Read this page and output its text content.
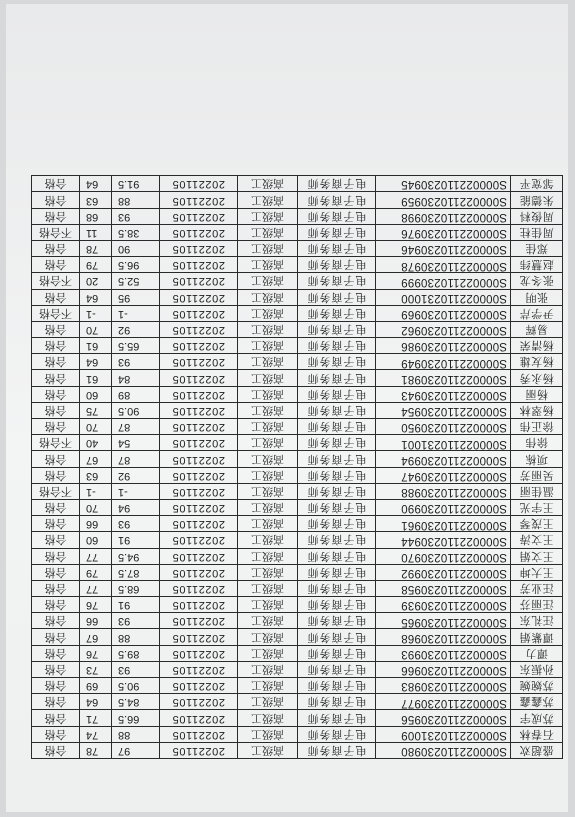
盛超欢	S000022110230980	电子商务师	高级工	20221105	97	78	合格
石春林	S000022110231009	电子商务师	高级工	20221105	88	74	合格
苏成宇	S000022110230956	电子商务师	高级工	20221105	66.5	71	合格
苏鑫鑫	S000022110230977	电子商务师	高级工	20221105	84.5	64	合格
苏婉婉	S000022110230983	电子商务师	高级工	20221105	90.5	69	合格
孙振东	S000022110230966	电子商务师	高级工	20221105	93	73	合格
谭力	S000022110230993	电子商务师	高级工	20221105	89.5	76	合格
谭紫娟	S000022110230968	电子商务师	高级工	20221105	88	67	合格
汪礼东	S000022110230965	电子商务师	高级工	20221105	93	66	合格
汪丽芬	S000022110230939	电子商务师	高级工	20221105	91	76	合格
汪业芳	S000022110230958	电子商务师	高级工	20221105	68.5	77	合格
王大坤	S000022110230992	电子商务师	高级工	20221105	87.5	79	合格
王文娟	S000022110230970	电子商务师	高级工	20221105	94.5	77	合格
王文涛	S000022110230944	电子商务师	高级工	20221105	91	60	合格
王茂琴	S000022110230961	电子商务师	高级工	20221105	93	66	合格
王宇光	S000022110230990	电子商务师	高级工	20221105	94	70	合格
温佳丽	S000022110230988	电子商务师	高级工	20221105	-1	-1	不合格
吴丽芳	S000022110230947	电子商务师	高级工	20221105	92	63	合格
项栋	S000022110230994	电子商务师	高级工	20221105	87	67	合格
徐伟	S000022110231001	电子商务师	高级工	20221105	54	40	不合格
徐正伟	S000022110230950	电子商务师	高级工	20221105	87	70	合格
杨翠林	S000022110230954	电子商务师	高级工	20221105	90.5	75	合格
杨丽	S000022110230943	电子商务师	高级工	20221105	89	60	合格
杨永秀	S000022110230981	电子商务师	高级工	20221105	84	61	合格
杨友雄	S000022110230949	电子商务师	高级工	20221105	93	64	合格
杨清荣	S000022110230986	电子商务师	高级工	20221105	65.5	61	合格
易辉	S000022110230962	电子商务师	高级工	20221105	92	70	合格
尹学芹	S000022110230969	电子商务师	高级工	20221105	-1	-1	不合格
张明	S000022110231000	电子商务师	高级工	20221105	95	64	合格
张冬龙	S000022110230999	电子商务师	高级工	20221105	52.5	20	不合格
赵慧纬	S000022110230978	电子商务师	高级工	20221105	96.5	79	合格
郑佳	S000022110230946	电子商务师	高级工	20221105	90	78	合格
周佳柱	S000022110230976	电子商务师	高级工	20221105	38.5	11	不合格
周俊料	S000022110230998	电子商务师	高级工	20221105	93	68	合格
朱德能	S000022110230959	电子商务师	高级工	20221105	88	63	合格
邹宽平	S000022110230945	电子商务师	高级工	20221105	91.5	64	合格
